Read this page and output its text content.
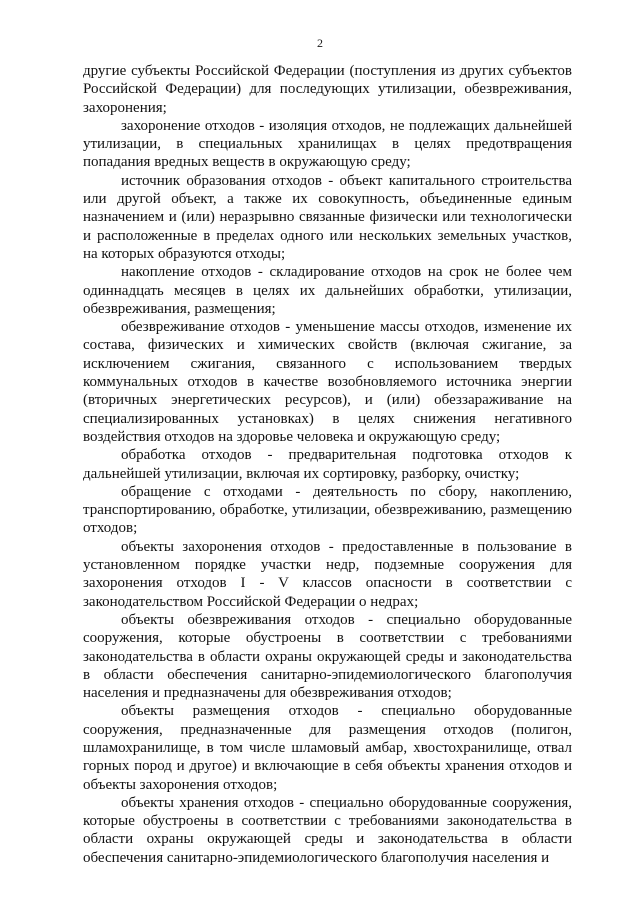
2

другие субъекты Российской Федерации (поступления из других субъектов Российской Федерации) для последующих утилизации, обезвреживания, захоронения;

захоронение отходов - изоляция отходов, не подлежащих дальнейшей утилизации, в специальных хранилищах в целях предотвращения попадания вредных веществ в окружающую среду;

источник образования отходов - объект капитального строительства или другой объект, а также их совокупность, объединенные единым назначением и (или) неразрывно связанные физически или технологически и расположенные в пределах одного или нескольких земельных участков, на которых образуются отходы;

накопление отходов - складирование отходов на срок не более чем одиннадцать месяцев в целях их дальнейших обработки, утилизации, обезвреживания, размещения;

обезвреживание отходов - уменьшение массы отходов, изменение их состава, физических и химических свойств (включая сжигание, за исключением сжигания, связанного с использованием твердых коммунальных отходов в качестве возобновляемого источника энергии (вторичных энергетических ресурсов), и (или) обеззараживание на специализированных установках) в целях снижения негативного воздействия отходов на здоровье человека и окружающую среду;

обработка отходов - предварительная подготовка отходов к дальнейшей утилизации, включая их сортировку, разборку, очистку;

обращение с отходами - деятельность по сбору, накоплению, транспортированию, обработке, утилизации, обезвреживанию, размещению отходов;

объекты захоронения отходов - предоставленные в пользование в установленном порядке участки недр, подземные сооружения для захоронения отходов I - V классов опасности в соответствии с законодательством Российской Федерации о недрах;

объекты обезвреживания отходов - специально оборудованные сооружения, которые обустроены в соответствии с требованиями законодательства в области охраны окружающей среды и законодательства в области обеспечения санитарно-эпидемиологического благополучия населения и предназначены для обезвреживания отходов;

объекты размещения отходов - специально оборудованные сооружения, предназначенные для размещения отходов (полигон, шламохранилище, в том числе шламовый амбар, хвостохранилище, отвал горных пород и другое) и включающие в себя объекты хранения отходов и объекты захоронения отходов;

объекты хранения отходов - специально оборудованные сооружения, которые обустроены в соответствии с требованиями законодательства в области охраны окружающей среды и законодательства в области обеспечения санитарно-эпидемиологического благополучия населения и
